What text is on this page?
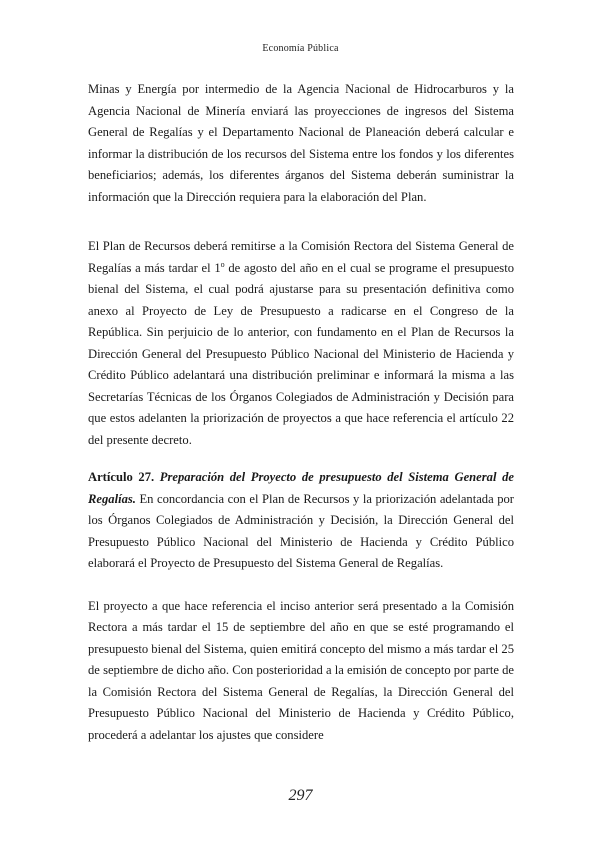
Economía Pública

Minas y Energía por intermedio de la Agencia Nacional de Hidrocarburos y la Agencia Nacional de Minería enviará las proyecciones de ingresos del Sistema General de Regalías y el Departamento Nacional de Planeación deberá calcular e informar la distribución de los recursos del Sistema entre los fondos y los diferentes beneficiarios; además, los diferentes árganos del Sistema deberán suministrar la información que la Dirección requiera para la elaboración del Plan.

El Plan de Recursos deberá remitirse a la Comisión Rectora del Sistema General de Regalías a más tardar el 1$^o$ de agosto del año en el cual se programe el presupuesto bienal del Sistema, el cual podrá ajustarse para su presentación definitiva como anexo al Proyecto de Ley de Presupuesto a radicarse en el Congreso de la República. Sin perjuicio de lo anterior, con fundamento en el Plan de Recursos la Dirección General del Presupuesto Público Nacional del Ministerio de Hacienda y Crédito Público adelantará una distribución preliminar e informará la misma a las Secretarías Técnicas de los Órganos Colegiados de Administración y Decisión para que estos adelanten la priorización de proyectos a que hace referencia el artículo 22 del presente decreto.

Artículo 27. Preparación del Proyecto de presupuesto del Sistema General de Regalías. En concordancia con el Plan de Recursos y la priorización adelantada por los Órganos Colegiados de Administración y Decisión, la Dirección General del Presupuesto Público Nacional del Ministerio de Hacienda y Crédito Público elaborará el Proyecto de Presupuesto del Sistema General de Regalías.

El proyecto a que hace referencia el inciso anterior será presentado a la Comisión Rectora a más tardar el 15 de septiembre del año en que se esté programando el presupuesto bienal del Sistema, quien emitirá concepto del mismo a más tardar el 25 de septiembre de dicho año. Con posterioridad a la emisión de concepto por parte de la Comisión Rectora del Sistema General de Regalías, la Dirección General del Presupuesto Público Nacional del Ministerio de Hacienda y Crédito Público, procederá a adelantar los ajustes que considere

297
